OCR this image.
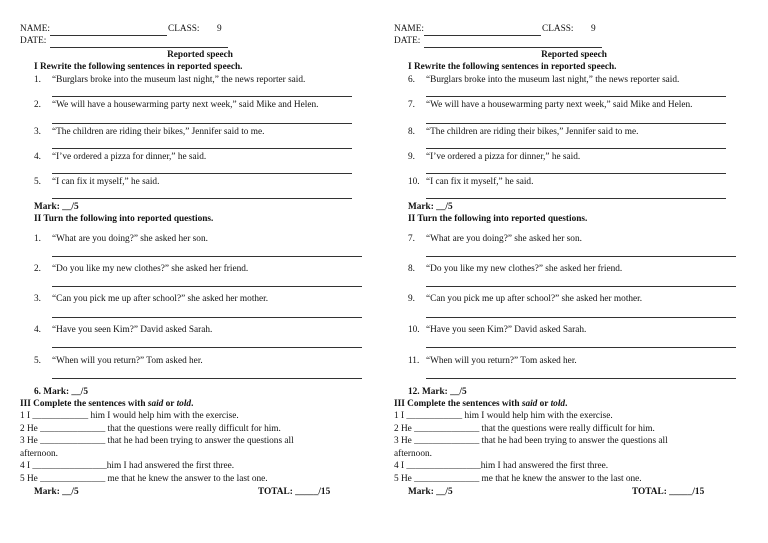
NAME:	CLASS: 9
DATE:
Reported speech
I Rewrite the following sentences in reported speech.
1. “Burglars broke into the museum last night,” the news reporter said.
2. “We will have a housewarming party next week,” said Mike and Helen.
3. “The children are riding their bikes,” Jennifer said to me.
4. “I’ve ordered a pizza for dinner,” he said.
5. “I can fix it myself,” he said.
Mark: __/5
II Turn the following into reported questions.
1. “What are you doing?” she asked her son.
2. “Do you like my new clothes?” she asked her friend.
3. “Can you pick me up after school?” she asked her mother.
4. “Have you seen Kim?” David asked Sarah.
5. “When will you return?” Tom asked her.
6. Mark: __/5
III Complete the sentences with said or told.
1 I ____________ him I would help him with the exercise.
2 He ______________ that the questions were really difficult for him.
3 He ______________ that he had been trying to answer the questions all
afternoon.
4 I ________________him I had answered the first three.
5 He ______________ me that he knew the answer to the last one.
Mark: __/5	TOTAL: _____/15
NAME:	CLASS: 9
DATE:
Reported speech
I Rewrite the following sentences in reported speech.
6. “Burglars broke into the museum last night,” the news reporter said.
7. “We will have a housewarming party next week,” said Mike and Helen.
8. “The children are riding their bikes,” Jennifer said to me.
9. “I’ve ordered a pizza for dinner,” he said.
10. “I can fix it myself,” he said.
Mark: __/5
II Turn the following into reported questions.
7. “What are you doing?” she asked her son.
8. “Do you like my new clothes?” she asked her friend.
9. “Can you pick me up after school?” she asked her mother.
10. “Have you seen Kim?” David asked Sarah.
11. “When will you return?” Tom asked her.
12. Mark: __/5
III Complete the sentences with said or told.
1 I ____________ him I would help him with the exercise.
2 He ______________ that the questions were really difficult for him.
3 He ______________ that he had been trying to answer the questions all
afternoon.
4 I ________________him I had answered the first three.
5 He ______________ me that he knew the answer to the last one.
Mark: __/5	TOTAL: _____/15
